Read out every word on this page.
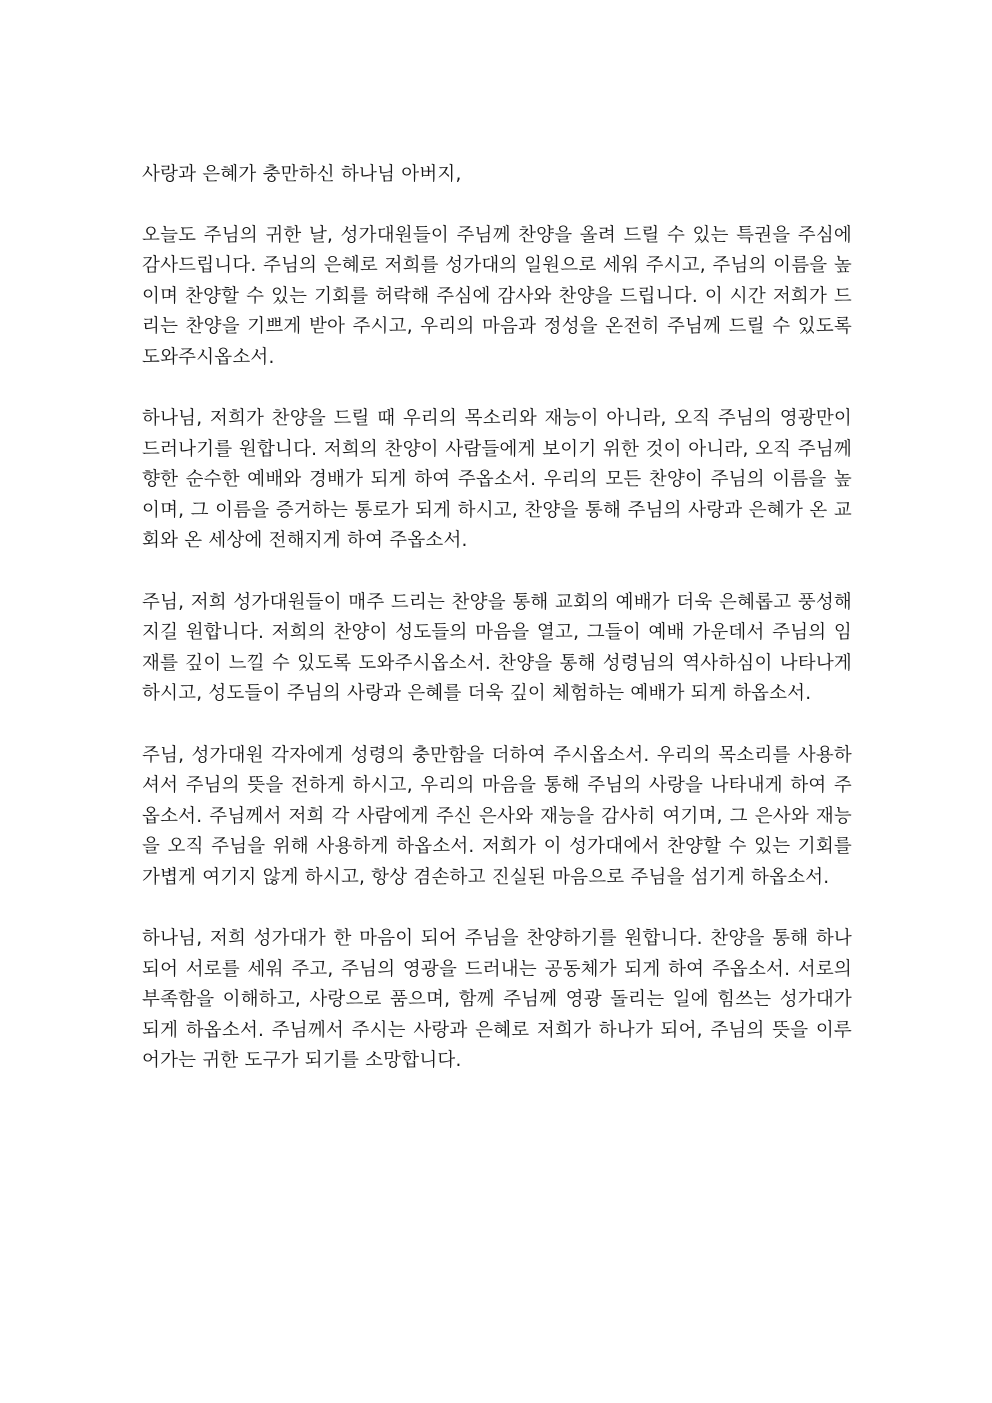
사랑과 은혜가 충만하신 하나님 아버지,

오늘도 주님의 귀한 날, 성가대원들이 주님께 찬양을 올려 드릴 수 있는 특권을 주심에 감사드립니다. 주님의 은혜로 저희를 성가대의 일원으로 세워 주시고, 주님의 이름을 높이며 찬양할 수 있는 기회를 허락해 주심에 감사와 찬양을 드립니다. 이 시간 저희가 드리는 찬양을 기쁘게 받아 주시고, 우리의 마음과 정성을 온전히 주님께 드릴 수 있도록 도와주시옵소서.

하나님, 저희가 찬양을 드릴 때 우리의 목소리와 재능이 아니라, 오직 주님의 영광만이 드러나기를 원합니다. 저희의 찬양이 사람들에게 보이기 위한 것이 아니라, 오직 주님께 향한 순수한 예배와 경배가 되게 하여 주옵소서. 우리의 모든 찬양이 주님의 이름을 높이며, 그 이름을 증거하는 통로가 되게 하시고, 찬양을 통해 주님의 사랑과 은혜가 온 교회와 온 세상에 전해지게 하여 주옵소서.

주님, 저희 성가대원들이 매주 드리는 찬양을 통해 교회의 예배가 더욱 은혜롭고 풍성해지길 원합니다. 저희의 찬양이 성도들의 마음을 열고, 그들이 예배 가운데서 주님의 임재를 깊이 느낄 수 있도록 도와주시옵소서. 찬양을 통해 성령님의 역사하심이 나타나게 하시고, 성도들이 주님의 사랑과 은혜를 더욱 깊이 체험하는 예배가 되게 하옵소서.

주님, 성가대원 각자에게 성령의 충만함을 더하여 주시옵소서. 우리의 목소리를 사용하셔서 주님의 뜻을 전하게 하시고, 우리의 마음을 통해 주님의 사랑을 나타내게 하여 주옵소서. 주님께서 저희 각 사람에게 주신 은사와 재능을 감사히 여기며, 그 은사와 재능을 오직 주님을 위해 사용하게 하옵소서. 저희가 이 성가대에서 찬양할 수 있는 기회를 가볍게 여기지 않게 하시고, 항상 겸손하고 진실된 마음으로 주님을 섬기게 하옵소서.

하나님, 저희 성가대가 한 마음이 되어 주님을 찬양하기를 원합니다. 찬양을 통해 하나 되어 서로를 세워 주고, 주님의 영광을 드러내는 공동체가 되게 하여 주옵소서. 서로의 부족함을 이해하고, 사랑으로 품으며, 함께 주님께 영광 돌리는 일에 힘쓰는 성가대가 되게 하옵소서. 주님께서 주시는 사랑과 은혜로 저희가 하나가 되어, 주님의 뜻을 이루어가는 귀한 도구가 되기를 소망합니다.
